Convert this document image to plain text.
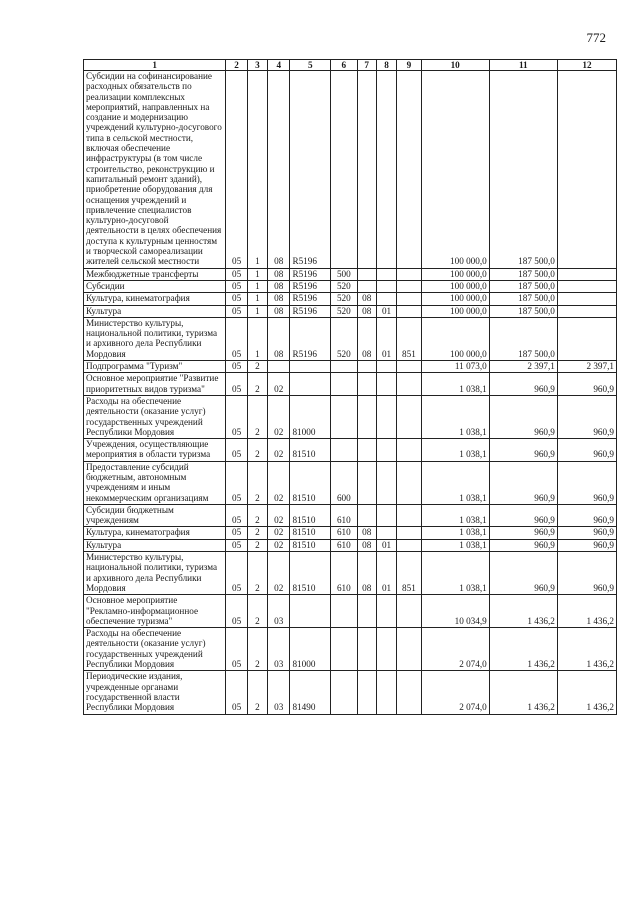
772
1	2	3	4	5	6	7	8	9	10	11	12
Субсидии на софинансирование расходных обязательств по реализации комплексных мероприятий, направленных на создание и модернизацию учреждений культурно-досугового типа в сельской местности, включая обеспечение инфраструктуры (в том числе строительство, реконструкцию и капитальный ремонт зданий), приобретение оборудования для оснащения учреждений и привлечение специалистов культурно-досуговой деятельности в целях обеспечения доступа к культурным ценностям и творческой самореализации жителей сельской местности	05	1	08	R5196					100 000,0	187 500,0	
Межбюджетные трансферты	05	1	08	R5196	500				100 000,0	187 500,0	
Субсидии	05	1	08	R5196	520				100 000,0	187 500,0	
Культура, кинематография	05	1	08	R5196	520	08			100 000,0	187 500,0	
Культура	05	1	08	R5196	520	08	01		100 000,0	187 500,0	
Министерство культуры, национальной политики, туризма и архивного дела Республики Мордовия	05	1	08	R5196	520	08	01	851	100 000,0	187 500,0	
Подпрограмма "Туризм"	05	2							11 073,0	2 397,1	2 397,1
Основное мероприятие "Развитие приоритетных видов туризма"	05	2	02						1 038,1	960,9	960,9
Расходы на обеспечение деятельности (оказание услуг) государственных учреждений Республики Мордовия	05	2	02	81000					1 038,1	960,9	960,9
Учреждения, осуществляющие мероприятия в области туризма	05	2	02	81510					1 038,1	960,9	960,9
Предоставление субсидий бюджетным, автономным учреждениям и иным некоммерческим организациям	05	2	02	81510	600				1 038,1	960,9	960,9
Субсидии бюджетным учреждениям	05	2	02	81510	610				1 038,1	960,9	960,9
Культура, кинематография	05	2	02	81510	610	08			1 038,1	960,9	960,9
Культура	05	2	02	81510	610	08	01		1 038,1	960,9	960,9
Министерство культуры, национальной политики, туризма и архивного дела Республики Мордовия	05	2	02	81510	610	08	01	851	1 038,1	960,9	960,9
Основное мероприятие "Рекламно-информационное обеспечение туризма"	05	2	03						10 034,9	1 436,2	1 436,2
Расходы на обеспечение деятельности (оказание услуг) государственных учреждений Республики Мордовия	05	2	03	81000					2 074,0	1 436,2	1 436,2
Периодические издания, учрежденные органами государственной власти Республики Мордовия	05	2	03	81490					2 074,0	1 436,2	1 436,2
